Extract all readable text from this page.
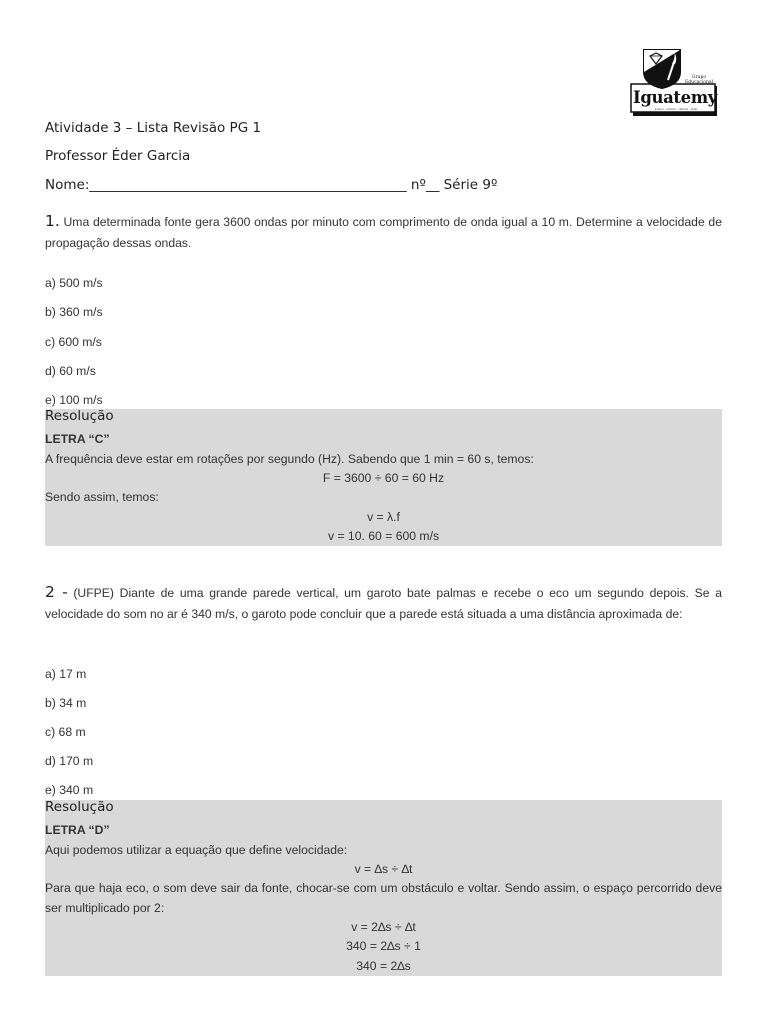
Grupo Educacional
Iguatemy
ensino · ordem · ciência · ação
Atividade 3 – Lista Revisão PG 1
Professor Éder Garcia
Nome:_______________________________________________ nº__ Série 9º
1. Uma determinada fonte gera 3600 ondas por minuto com comprimento de onda igual a 10 m. Determine a velocidade de propagação dessas ondas.
a) 500 m/s
b) 360 m/s
c) 600 m/s
d) 60 m/s
e) 100 m/s
Resolução
LETRA “C”
A frequência deve estar em rotações por segundo (Hz). Sabendo que 1 min = 60 s, temos:
F = 3600 ÷ 60 = 60 Hz
Sendo assim, temos:
v = λ.f
v = 10. 60 = 600 m/s
2 - (UFPE) Diante de uma grande parede vertical, um garoto bate palmas e recebe o eco um segundo depois. Se a velocidade do som no ar é 340 m/s, o garoto pode concluir que a parede está situada a uma distância aproximada de:
a) 17 m
b) 34 m
c) 68 m
d) 170 m
e) 340 m
Resolução
LETRA “D”
Aqui podemos utilizar a equação que define velocidade:
v = ∆s ÷ ∆t
Para que haja eco, o som deve sair da fonte, chocar-se com um obstáculo e voltar. Sendo assim, o espaço percorrido deve ser multiplicado por 2:
v = 2∆s ÷ ∆t
340 = 2∆s ÷ 1
340 = 2∆s
